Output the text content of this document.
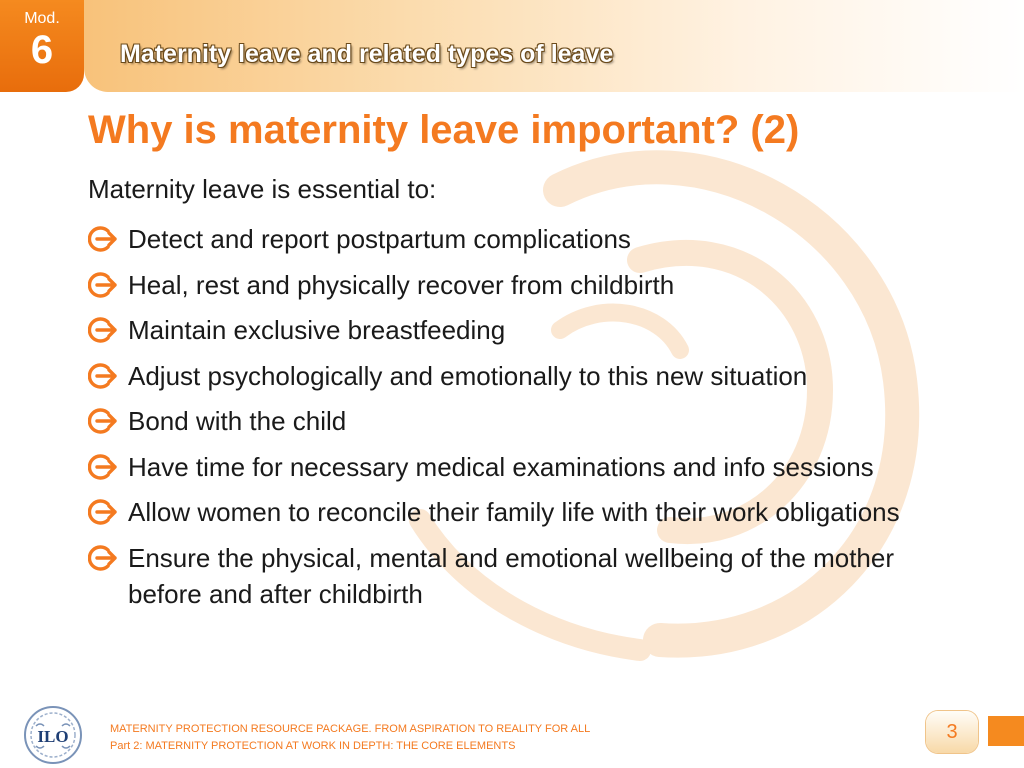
Mod.
6	Maternity leave and related types of leave
Why is maternity leave important? (2)
Maternity leave is essential to:
Detect and report postpartum complications
Heal, rest and physically recover from childbirth
Maintain exclusive breastfeeding
Adjust psychologically and emotionally to this new situation
Bond with the child
Have time for necessary medical examinations and info sessions
Allow women to reconcile their family life with their work obligations
Ensure the physical, mental and emotional wellbeing of the mother before and after childbirth
ILO	MATERNITY PROTECTION RESOURCE PACKAGE. FROM ASPIRATION TO REALITY FOR ALL
Part 2: MATERNITY PROTECTION AT WORK IN DEPTH: THE CORE ELEMENTS
3
